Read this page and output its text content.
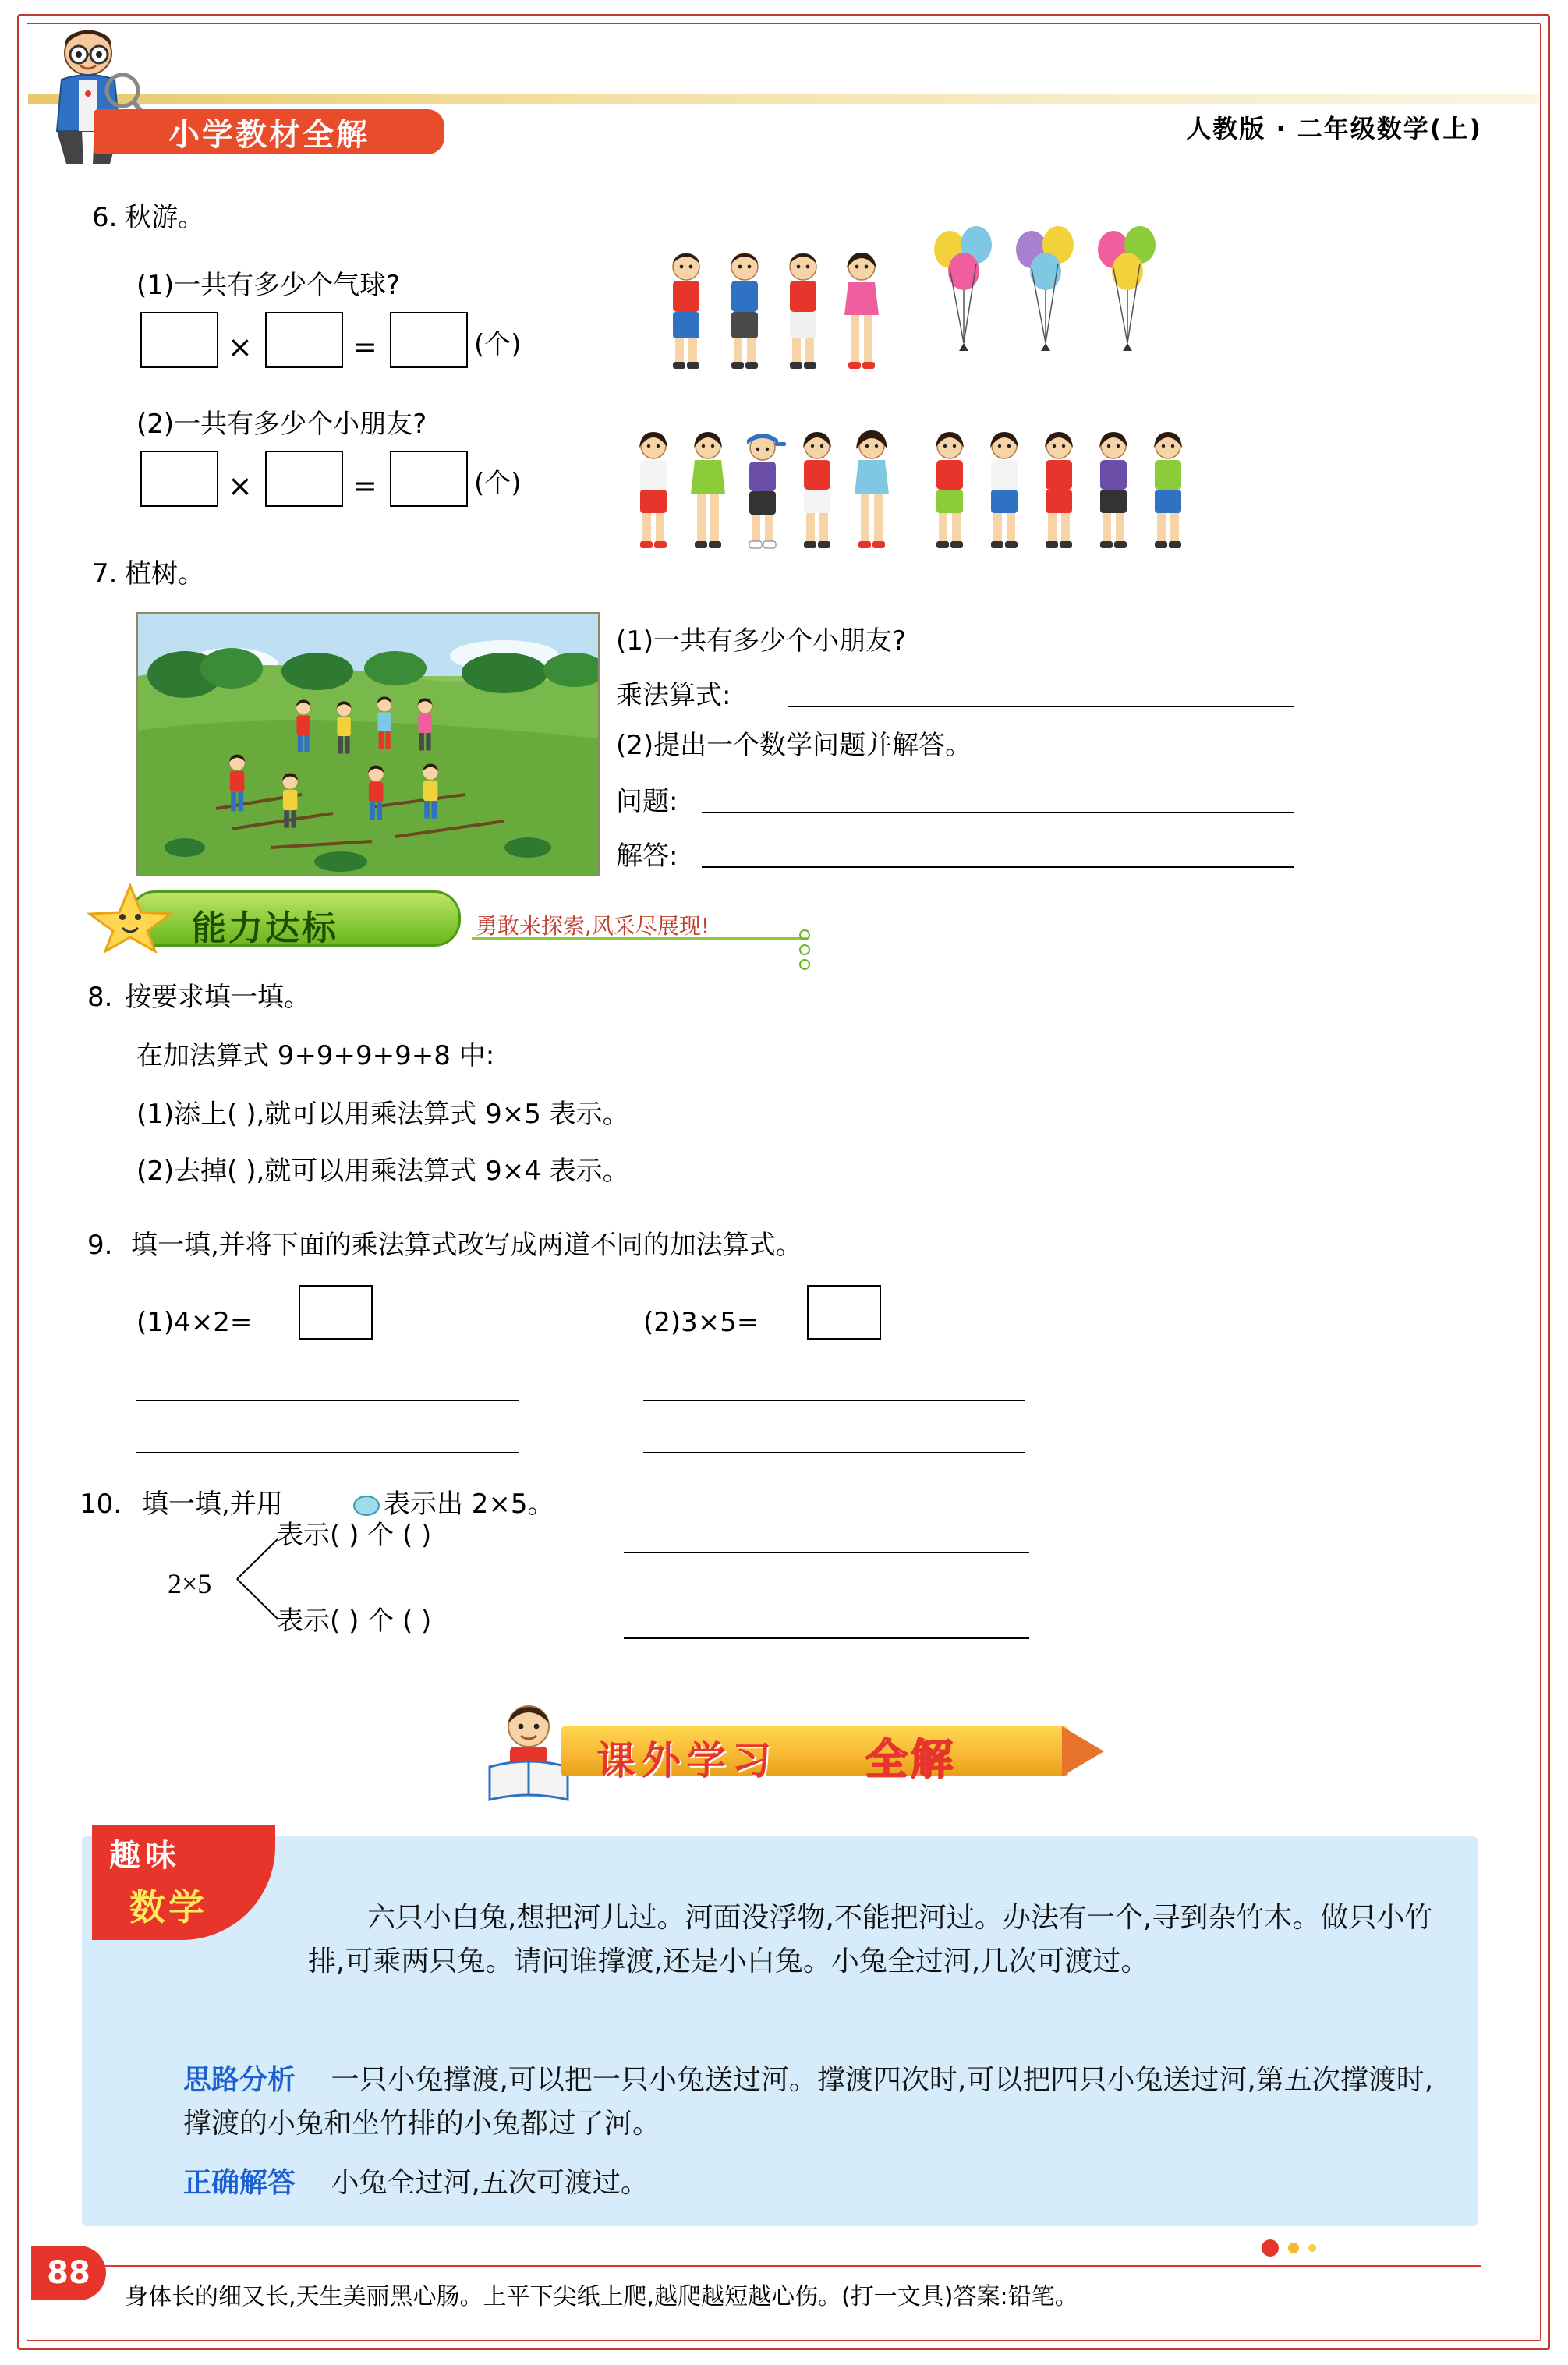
小学教材全解	人教版 · 二年级数学(上)
6. 秋游。
(1)一共有多少个气球?
×	=	(个)
(2)一共有多少个小朋友?
×	=	(个)
7. 植树。
(1)一共有多少个小朋友?
乘法算式:
(2)提出一个数学问题并解答。
问题:
解答:
能力达标	勇敢来探索,风采尽展现!
8. 按要求填一填。
在加法算式 9+9+9+9+8 中:
(1)添上( ),就可以用乘法算式 9×5 表示。
(2)去掉( ),就可以用乘法算式 9×4 表示。
9. 填一填,并将下面的乘法算式改写成两道不同的加法算式。
(1)4×2=	(2)3×5=
10. 填一填,并用	表示出 2×5。
2×5
表示( ) 个 ( )
表示( ) 个 ( )
课外学习 全解
趣味
数学	六只小白兔,想把河儿过。河面没浮物,不能把河过。办法有一个,寻到杂竹木。做只小竹排,可乘两只兔。请问谁撑渡,还是小白兔。小兔全过河,几次可渡过。
思路分析 一只小兔撑渡,可以把一只小兔送过河。撑渡四次时,可以把四只小兔送过河,第五次撑渡时,撑渡的小兔和坐竹排的小兔都过了河。
正确解答 小兔全过河,五次可渡过。

88
身体长的细又长,天生美丽黑心肠。上平下尖纸上爬,越爬越短越心伤。(打一文具)答案:铅笔。
